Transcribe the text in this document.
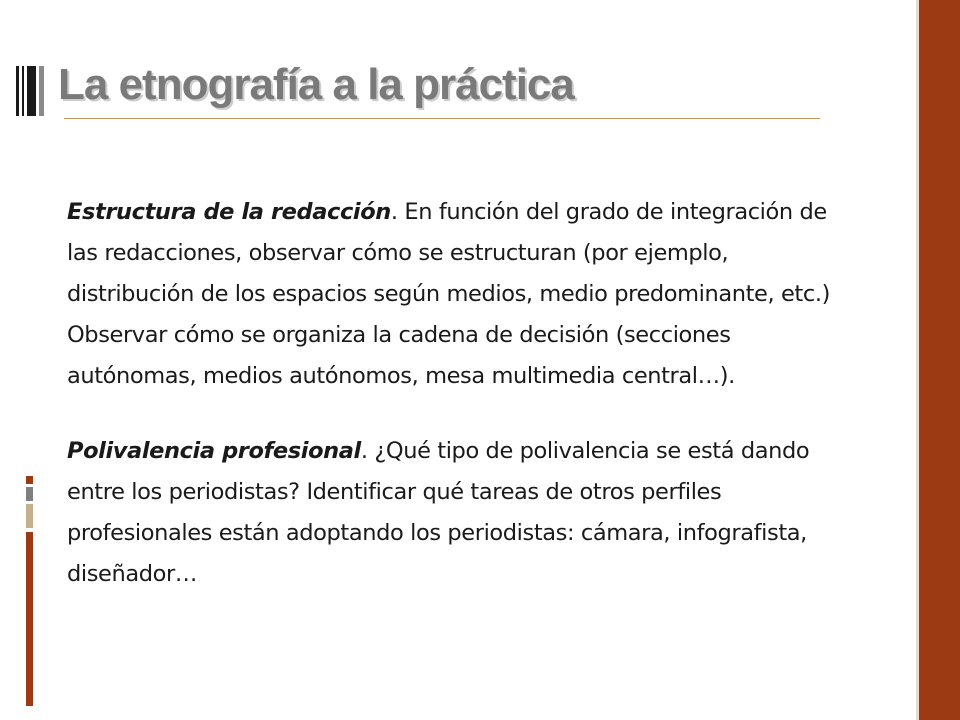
La etnografía a la práctica

Estructura de la redacción. En función del grado de integración de las redacciones, observar cómo se estructuran (por ejemplo, distribución de los espacios según medios, medio predominante, etc.) Observar cómo se organiza la cadena de decisión (secciones autónomas, medios autónomos, mesa multimedia central…).

Polivalencia profesional. ¿Qué tipo de polivalencia se está dando entre los periodistas? Identificar qué tareas de otros perfiles profesionales están adoptando los periodistas: cámara, infografista, diseñador…
